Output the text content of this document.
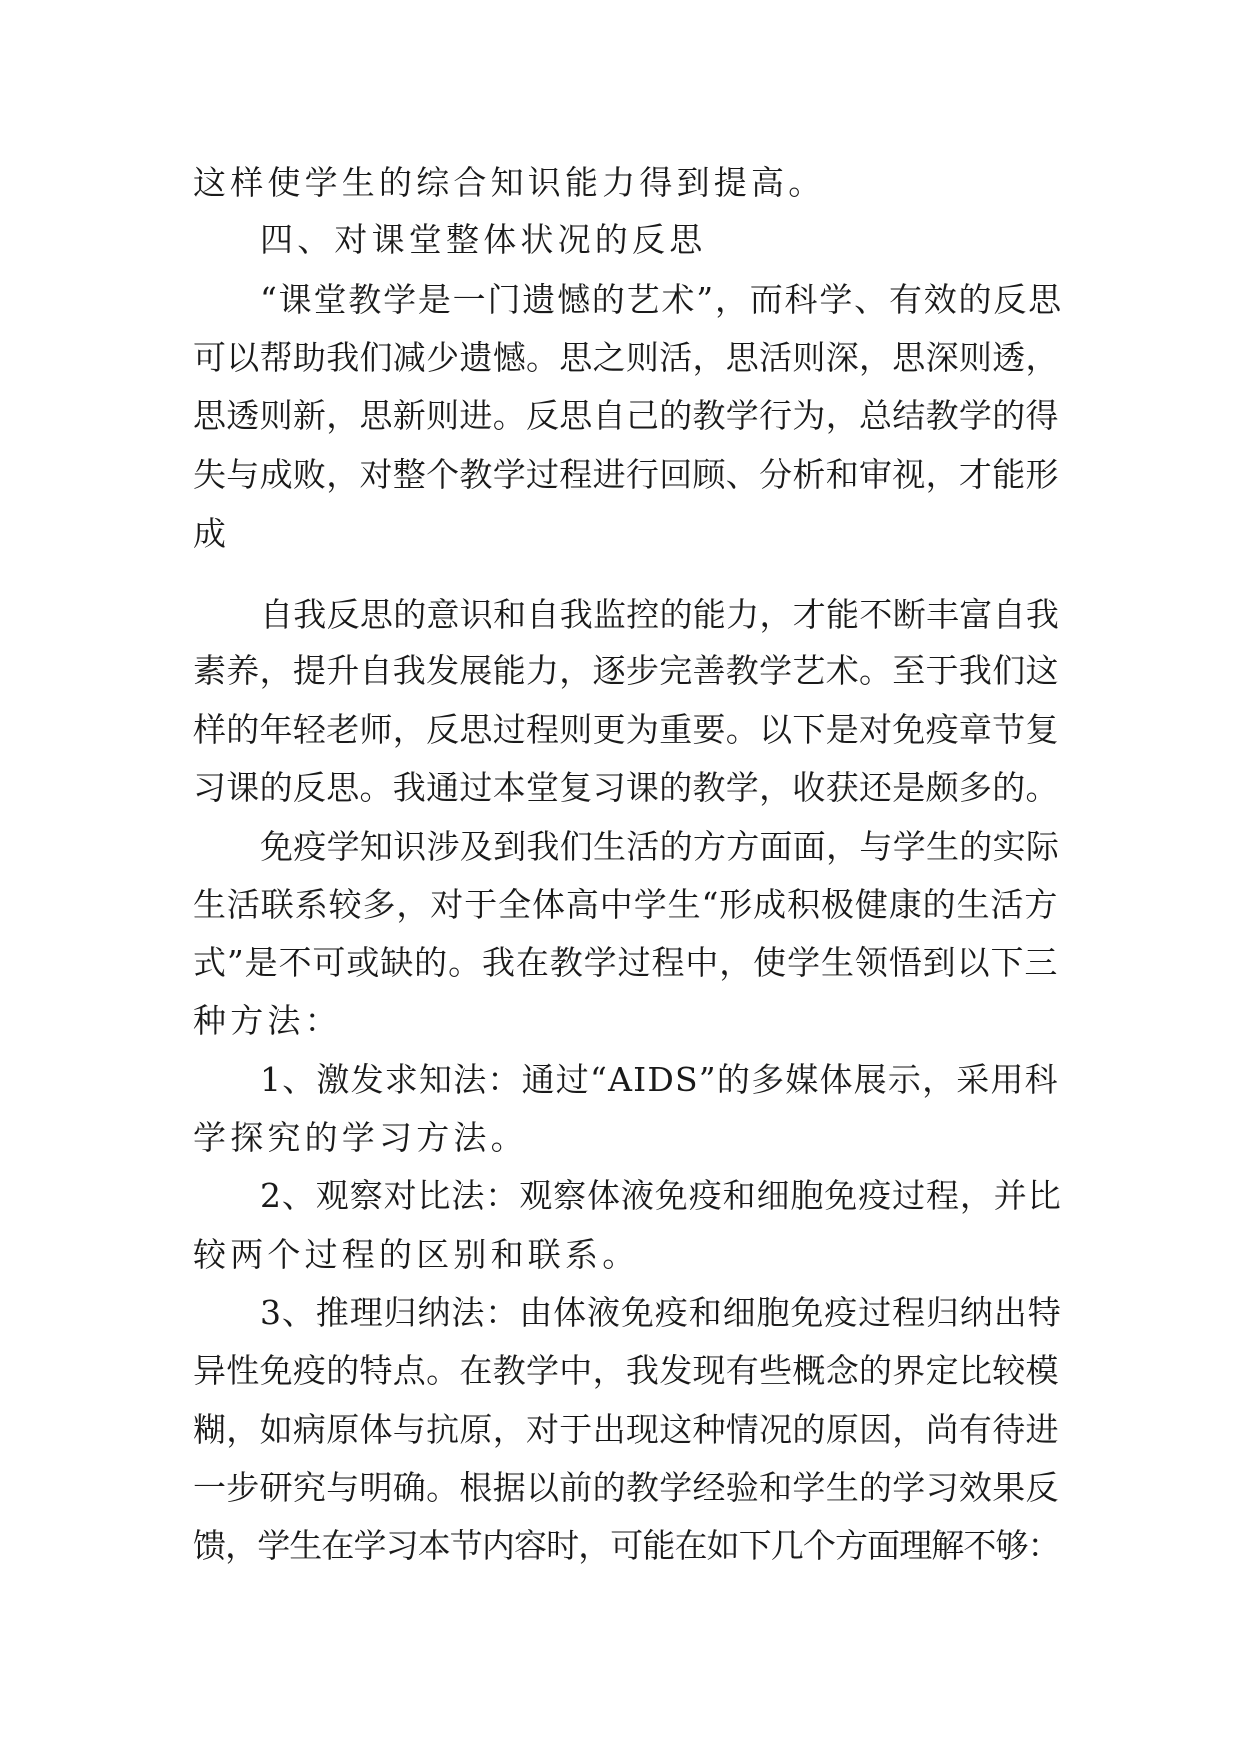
这样使学生的综合知识能力得到提高。
四、对课堂整体状况的反思
“课堂教学是一门遗憾的艺术”，而科学、有效的反思
可以帮助我们减少遗憾。思之则活，思活则深，思深则透，
思透则新，思新则进。反思自己的教学行为，总结教学的得
失与成败，对整个教学过程进行回顾、分析和审视，才能形
成
自我反思的意识和自我监控的能力，才能不断丰富自我
素养，提升自我发展能力，逐步完善教学艺术。至于我们这
样的年轻老师，反思过程则更为重要。以下是对免疫章节复
习课的反思。我通过本堂复习课的教学，收获还是颇多的。
免疫学知识涉及到我们生活的方方面面，与学生的实际
生活联系较多，对于全体高中学生“形成积极健康的生活方
式”是不可或缺的。我在教学过程中，使学生领悟到以下三
种方法：
1、激发求知法：通过“AIDS”的多媒体展示，采用科
学探究的学习方法。
2、观察对比法：观察体液免疫和细胞免疫过程，并比
较两个过程的区别和联系。
3、推理归纳法：由体液免疫和细胞免疫过程归纳出特
异性免疫的特点。在教学中，我发现有些概念的界定比较模
糊，如病原体与抗原，对于出现这种情况的原因，尚有待进
一步研究与明确。根据以前的教学经验和学生的学习效果反
馈，学生在学习本节内容时，可能在如下几个方面理解不够：
